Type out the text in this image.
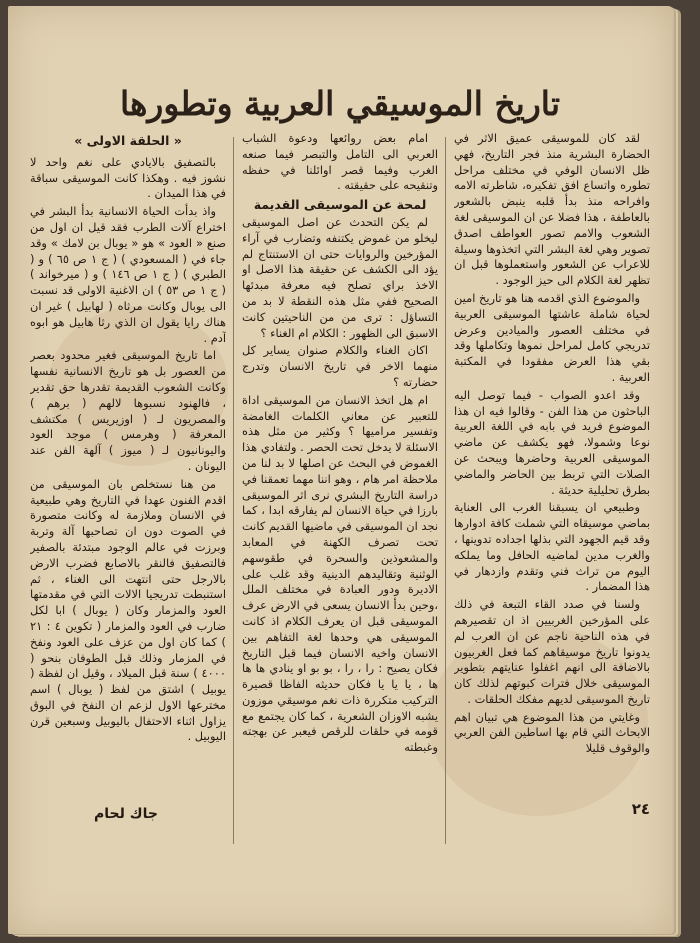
تاريخ الموسيقي العربية وتطورها

لقد كان للموسيقى عميق الاثر في الحضارة البشرية منذ فجر التاريخ، فهي ظل الانسان الوفي في مختلف مراحل تطوره واتساع افق تفكيره، شاطرته الامه وافراحه منذ بدأ قلبه ينبض بالشعور بالعاطفة ، هذا فضلا عن ان الموسيقى لغة الشعوب والامم تصور العواطف اصدق تصوير وهي لغة البشر التي اتخذوها وسيلة للاعراب عن الشعور واستعملوها قبل ان تظهر لغة الكلام الى حيز الوجود .

والموضوع الذي اقدمه هنا هو تاريخ امين لحياة شاملة عاشتها الموسيقى العربية في مختلف العصور والميادين وعرض تدريجي كامل لمراحل نموها وتكاملها وقد بقي هذا العرض مفقودا في المكتبة العربية .

وقد اعدو الصواب - فيما توصل اليه الباحثون من هذا الفن - وقالوا فيه ان هذا الموضوع فريد في بابه في اللغة العربية نوعا وشمولا، فهو يكشف عن ماضي الموسيقى العربية وحاضرها ويبحث عن الصلات التي تربط بين الحاضر والماضي بطرق تحليلية حديثة .

وطبيعي ان يسبقنا الغرب الى العناية بماضي موسيقاه التي شملت كافة ادوارها وقد قيم الجهود التي بذلها اجداده تدوينها ، والغرب مدين لماضيه الحافل وما يملكه اليوم من تراث فني وتقدم وازدهار في هذا المضمار .

ولسنا في صدد القاء التبعة في ذلك على المؤرخين الغربيين اذ ان تقصيرهم في هذه الناحية ناجم عن ان العرب لم يدونوا تاريخ موسيقاهم كما فعل الغربيون بالاضافة الى انهم اغفلوا عنايتهم بتطوير الموسيقى خلال فترات كبوتهم لذلك كان تاريخ الموسيقى لديهم مفكك الحلقات .

وغايتي من هذا الموضوع هي تبيان اهم الابحاث التي قام بها اساطين الفن العربي والوقوف قليلا

امام بعض روائعها ودعوة الشباب العربي الى التامل والتبصر فيما صنعه الغرب وفيما قصر اوائلنا في حفظه وتنقيحه على حقيقته .

لمحة عن الموسيقى القديمة

لم يكن التحدث عن اصل الموسيقى ليخلو من غموض يكتنفه وتضارب في آراء المؤرخين والروايات حتى ان الاستنتاج لم يؤد الى الكشف عن حقيقة هذا الاصل او الاخذ براي تصلح فيه معرفة مبدئها الصحيح ففي مثل هذه النقطة لا بد من التساؤل : ترى من من الناحيتين كانت الاسبق الى الظهور : الكلام ام الغناء ؟

اكان الغناء والكلام صنوان يساير كل منهما الاخر في تاريخ الانسان وتدرج حضارته ؟

ام هل اتخذ الانسان من الموسيقى اداة للتعبير عن معاني الكلمات الغامضة وتفسير مراميها ؟ وكثير من مثل هذه الاسئلة لا يدخل تحت الحصر . ولتفادي هذا الغموض في البحث عن اصلها لا بد لنا من ملاحظة امر هام ، وهو اننا مهما تعمقنا في دراسة التاريخ البشري نرى اثر الموسيقى بارزا في حياة الانسان لم يفارقه ابدا ، كما نجد ان الموسيقى في ماضيها القديم كانت تحت تصرف الكهنة في المعابد والمشعوذين والسحرة في طقوسهم الوثنية وتقاليدهم الدينية وقد غلب على الاديرة ودور العبادة في مختلف الملل ،وحين بدأ الانسان يسعى في الارض عرف الموسيقى قبل ان يعرف الكلام اذ كانت الموسيقى هي وحدها لغة التفاهم بين الانسان واخيه الانسان فيما قبل التاريخ فكان يصيح : را ، را ، بو بو او ينادي ها ها ها ، يا يا يا فكان حديثه الفاظا قصيرة التركيب متكررة ذات نغم موسيقي موزون يشبه الاوزان الشعرية ، كما كان يجتمع مع قومه في حلقات للرقص فيعبر عن بهجته وغبطته

« الحلقة الاولى »

بالتصفيق بالايادي على نغم واحد لا نشوز فيه . وهكذا كانت الموسيقى سباقة في هذا الميدان .

واذ بدأت الحياة الانسانية بدأ البشر في اختراع آلات الطرب فقد قيل ان اول من صنع « العود » هو « يوبال بن لامك » وقد جاء في ( المسعودي ) ( ج ١ ص ٦٥ ) و ( الطبري ) ( ج ١ ص ١٤٦ ) و ( ميرخواند ) ( ج ١ ص ٥٣ ) ان الاغنية الاولى قد نسبت الى يوبال وكانت مرثاه ( لهابيل ) غير ان هناك رايا يقول ان الذي رثا هابيل هو ابوه آدم .

اما تاريخ الموسيقى فغير محدود بعصر من العصور بل هو تاريخ الانسانية نفسها وكانت الشعوب القديمة تقدرها حق تقدير ، فالهنود نسبوها لالهم ( برهم ) والمصريون لـ ( اوزيريس ) مكتشف المعرفة ( وهرمس ) موجد العود واليونانيون لـ ( ميوز ) آلهة الفن عند اليونان .

من هنا نستخلص بان الموسيقى من اقدم الفنون عهدا في التاريخ وهي طبيعية في الانسان وملازمة له وكانت متصورة في الصوت دون ان تصاحبها آلة وتربة وبرزت في عالم الوجود مبتدئة بالصفير فالتصفيق فالنقر بالاصابع فضرب الارض بالارجل حتى انتهت الى الغناء ، ثم استنبطت تدريجيا الالات التي في مقدمتها العود والمزمار وكان ( يوبال ) ابا لكل ضارب في العود والمزمار ( تكوين ٤ : ٢١ ) كما كان اول من عزف على العود ونفخ في المزمار وذلك قبل الطوفان بنحو ( ٤٠٠٠ ) سنة قبل الميلاد ، وقيل ان لفظة ( يوبيل ) اشتق من لفظ ( يوبال ) اسم مخترعها الاول لزعم ان النفخ في البوق يزاول اثناء الاحتفال باليوبيل وسبعين قرن اليوبيل .

جاك لحام	٢٤
